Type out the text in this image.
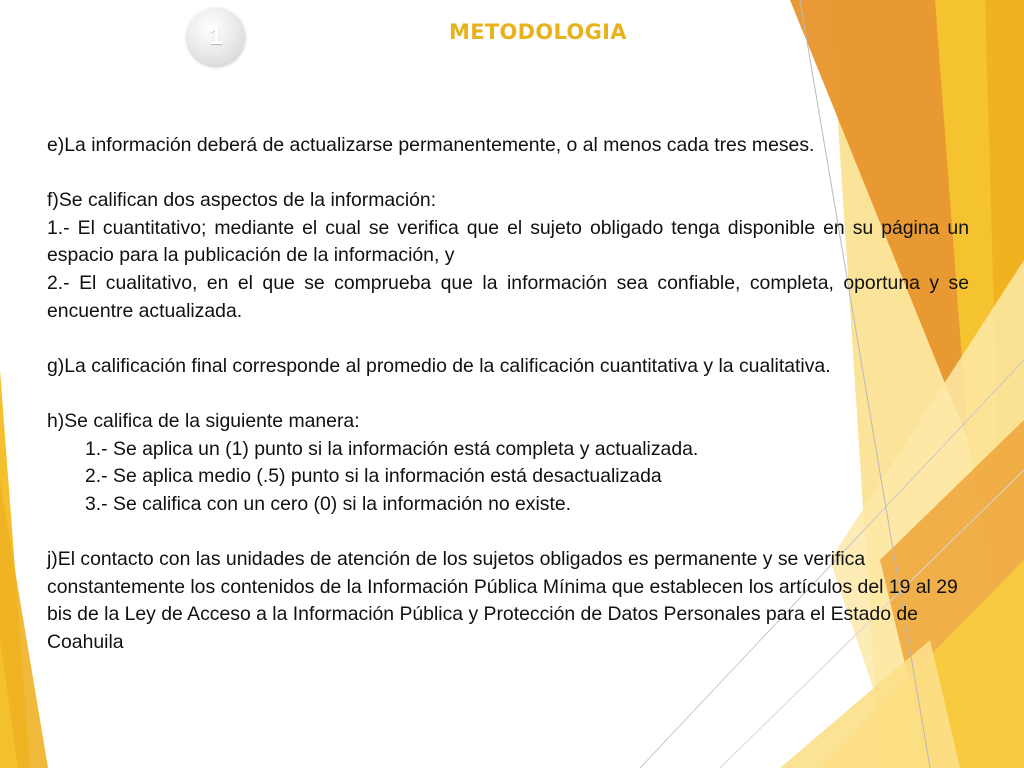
1	METODOLOGIA

e)La información deberá de actualizarse permanentemente, o al menos cada tres meses.

f)Se califican dos aspectos de la información:

1.- El cuantitativo; mediante el cual se verifica que el sujeto obligado tenga disponible en su página un espacio para la publicación de la información, y

2.- El cualitativo, en el que se comprueba que la información sea confiable, completa, oportuna y se encuentre actualizada.

g)La calificación final corresponde al promedio de la calificación cuantitativa y la cualitativa.

h)Se califica de la siguiente manera:

1.- Se aplica un (1) punto si la información está completa y actualizada.

2.- Se aplica medio (.5) punto si la información está desactualizada

3.- Se califica con un cero (0) si la información no existe.

j)El contacto con las unidades de atención de los sujetos obligados es permanente y se verifica constantemente los contenidos de la Información Pública Mínima que establecen los artículos del 19 al 29 bis de la Ley de Acceso a la Información Pública y Protección de Datos Personales para el Estado de Coahuila
